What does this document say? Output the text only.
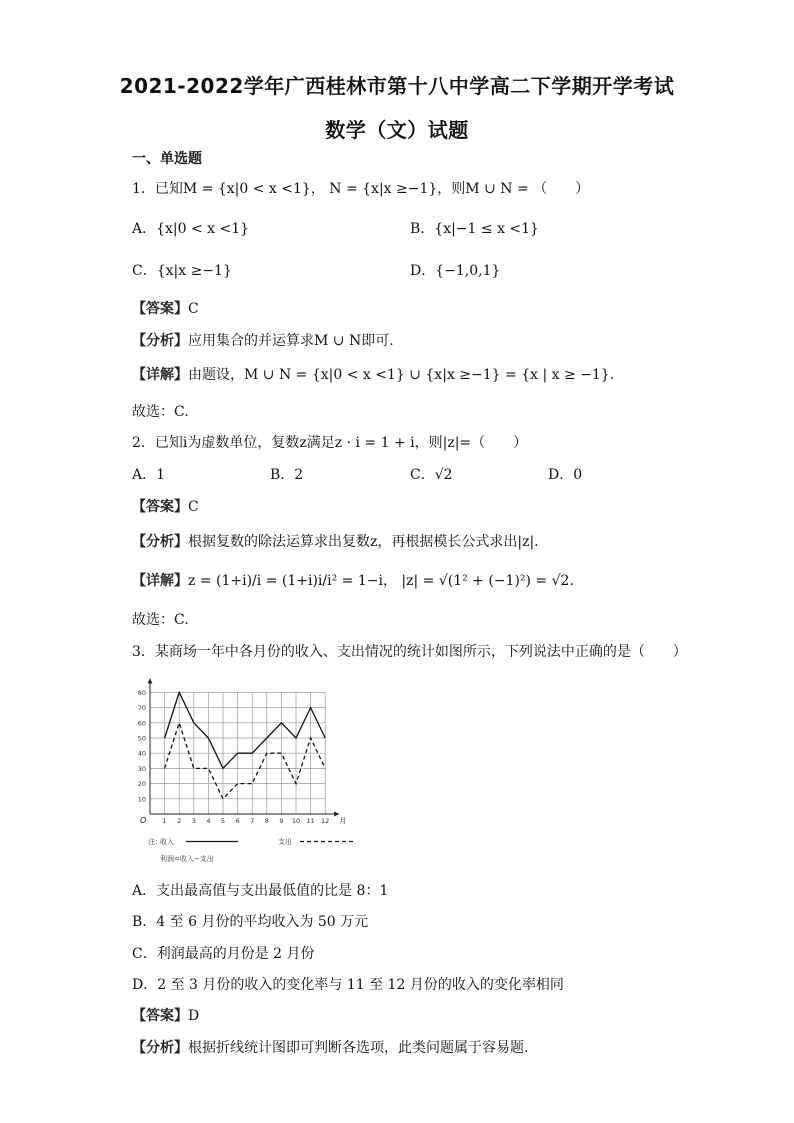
2021-2022学年广西桂林市第十八中学高二下学期开学考试
数学（文）试题
一、单选题
1．已知M = {x|0 < x <1}， N = {x|x ≥−1}，则M ∪ N = （　　）
A．{x|0 < x <1}	B．{x|−1 ≤ x <1}
C．{x|x ≥−1}	D．{−1,0,1}
【答案】C
【分析】应用集合的并运算求M ∪ N即可.
【详解】由题设，M ∪ N = {x|0 < x <1} ∪ {x|x ≥−1} = {x | x ≥ −1}.
故选：C.
2．已知i为虚数单位，复数z满足z · i = 1 + i，则|z|=（　　）
A．1	B．2	C．√2	D．0
【答案】C
【分析】根据复数的除法运算求出复数z，再根据模长公式求出|z|.
【详解】z = (1+i)/i = (1+i)i/i² = 1−i， |z| = √(1² + (−1)²) = √2.
故选：C.
3．某商场一年中各月份的收入、支出情况的统计如图所示，下列说法中正确的是（　　）
10
20
30
40
50
60
70
80
1 2 3 4 5 6 7 8 9 10 11 12
O	月
注：
收入	支出
利润=收入−支出
A．支出最高值与支出最低值的比是 8：1
B．4 至 6 月份的平均收入为 50 万元
C．利润最高的月份是 2 月份
D．2 至 3 月份的收入的变化率与 11 至 12 月份的收入的变化率相同
【答案】D
【分析】根据折线统计图即可判断各选项，此类问题属于容易题.
